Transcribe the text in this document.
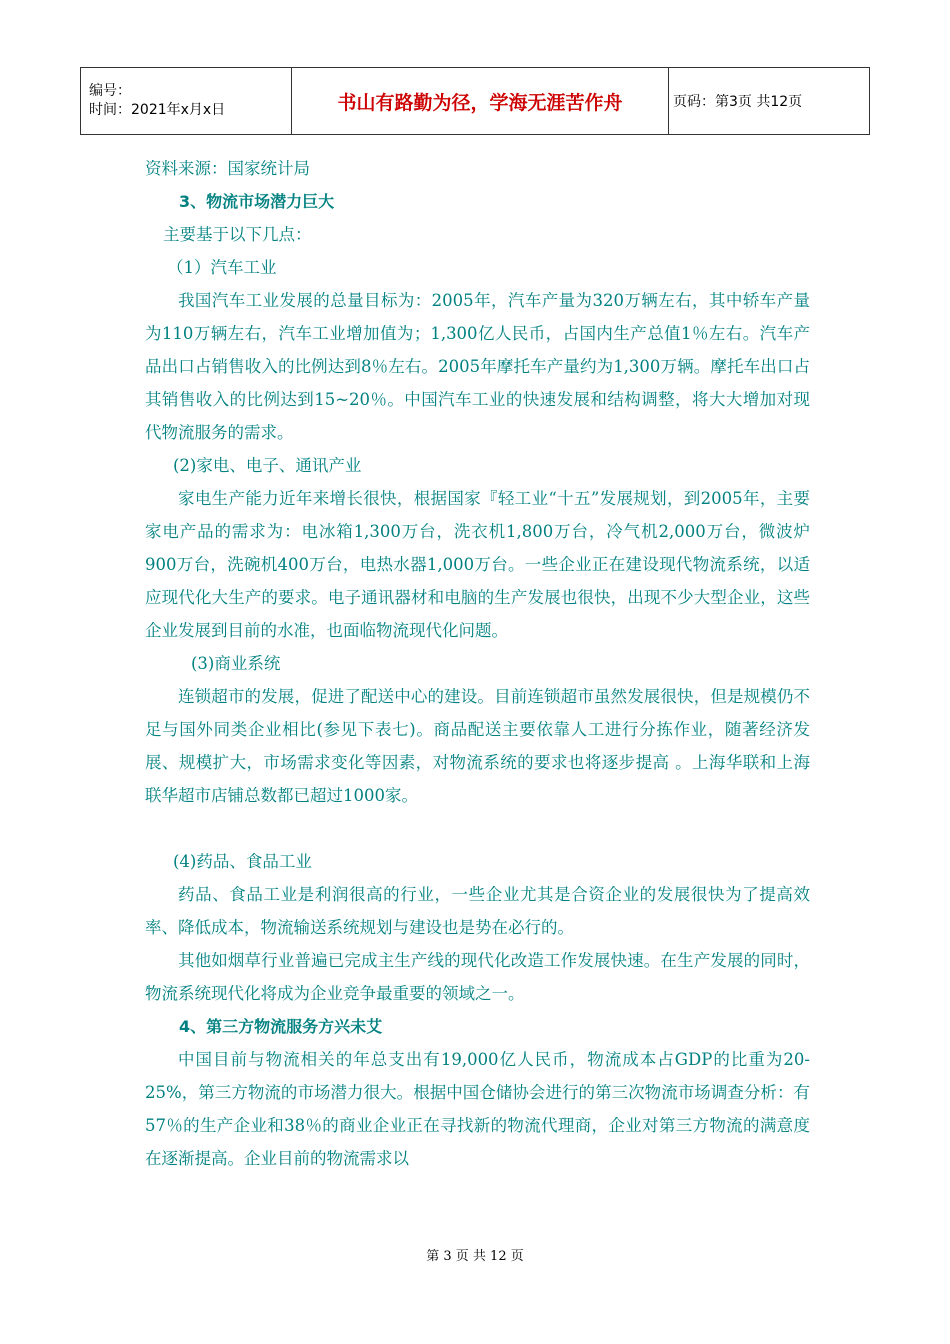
编号：
时间：2021年x月x日	书山有路勤为径，学海无涯苦作舟	页码：第3页 共12页

资料来源：国家统计局

3、物流市场潜力巨大

主要基于以下几点：

（1）汽车工业

我国汽车工业发展的总量目标为：2005年，汽车产量为320万辆左右，其中轿车产量为110万辆左右，汽车工业增加值为；1,300亿人民币，占国内生产总值1％左右。汽车产品出口占销售收入的比例达到8％左右。2005年摩托车产量约为1,300万辆。摩托车出口占其销售收入的比例达到15~20％。中国汽车工业的快速发展和结构调整，将大大增加对现代物流服务的需求。

(2)家电、电子、通讯产业

家电生产能力近年来增长很快，根据国家『轻工业“十五”发展规划，到2005年，主要家电产品的需求为：电冰箱1,300万台，洗衣机1,800万台，冷气机2,000万台，微波炉900万台，洗碗机400万台，电热水器1,000万台。一些企业正在建设现代物流系统，以适应现代化大生产的要求。电子通讯器材和电脑的生产发展也很快，出现不少大型企业，这些企业发展到目前的水准，也面临物流现代化问题。

(3)商业系统

连锁超市的发展，促进了配送中心的建设。目前连锁超市虽然发展很快，但是规模仍不足与国外同类企业相比(参见下表七)。商品配送主要依靠人工进行分拣作业，随著经济发展、规模扩大，市场需求变化等因素，对物流系统的要求也将逐步提高 。上海华联和上海联华超市店铺总数都已超过1000家。

(4)药品、食品工业

药品、食品工业是利润很高的行业，一些企业尤其是合资企业的发展很快为了提高效率、降低成本，物流输送系统规划与建设也是势在必行的。

其他如烟草行业普遍已完成主生产线的现代化改造工作发展快速。在生产发展的同时，物流系统现代化将成为企业竞争最重要的领域之一。

4、第三方物流服务方兴未艾

中国目前与物流相关的年总支出有19,000亿人民币，物流成本占GDP的比重为20-25%，第三方物流的市场潜力很大。根据中国仓储协会进行的第三次物流市场调查分析：有57％的生产企业和38％的商业企业正在寻找新的物流代理商，企业对第三方物流的满意度在逐渐提高。企业目前的物流需求以

第 3 页 共 12 页
